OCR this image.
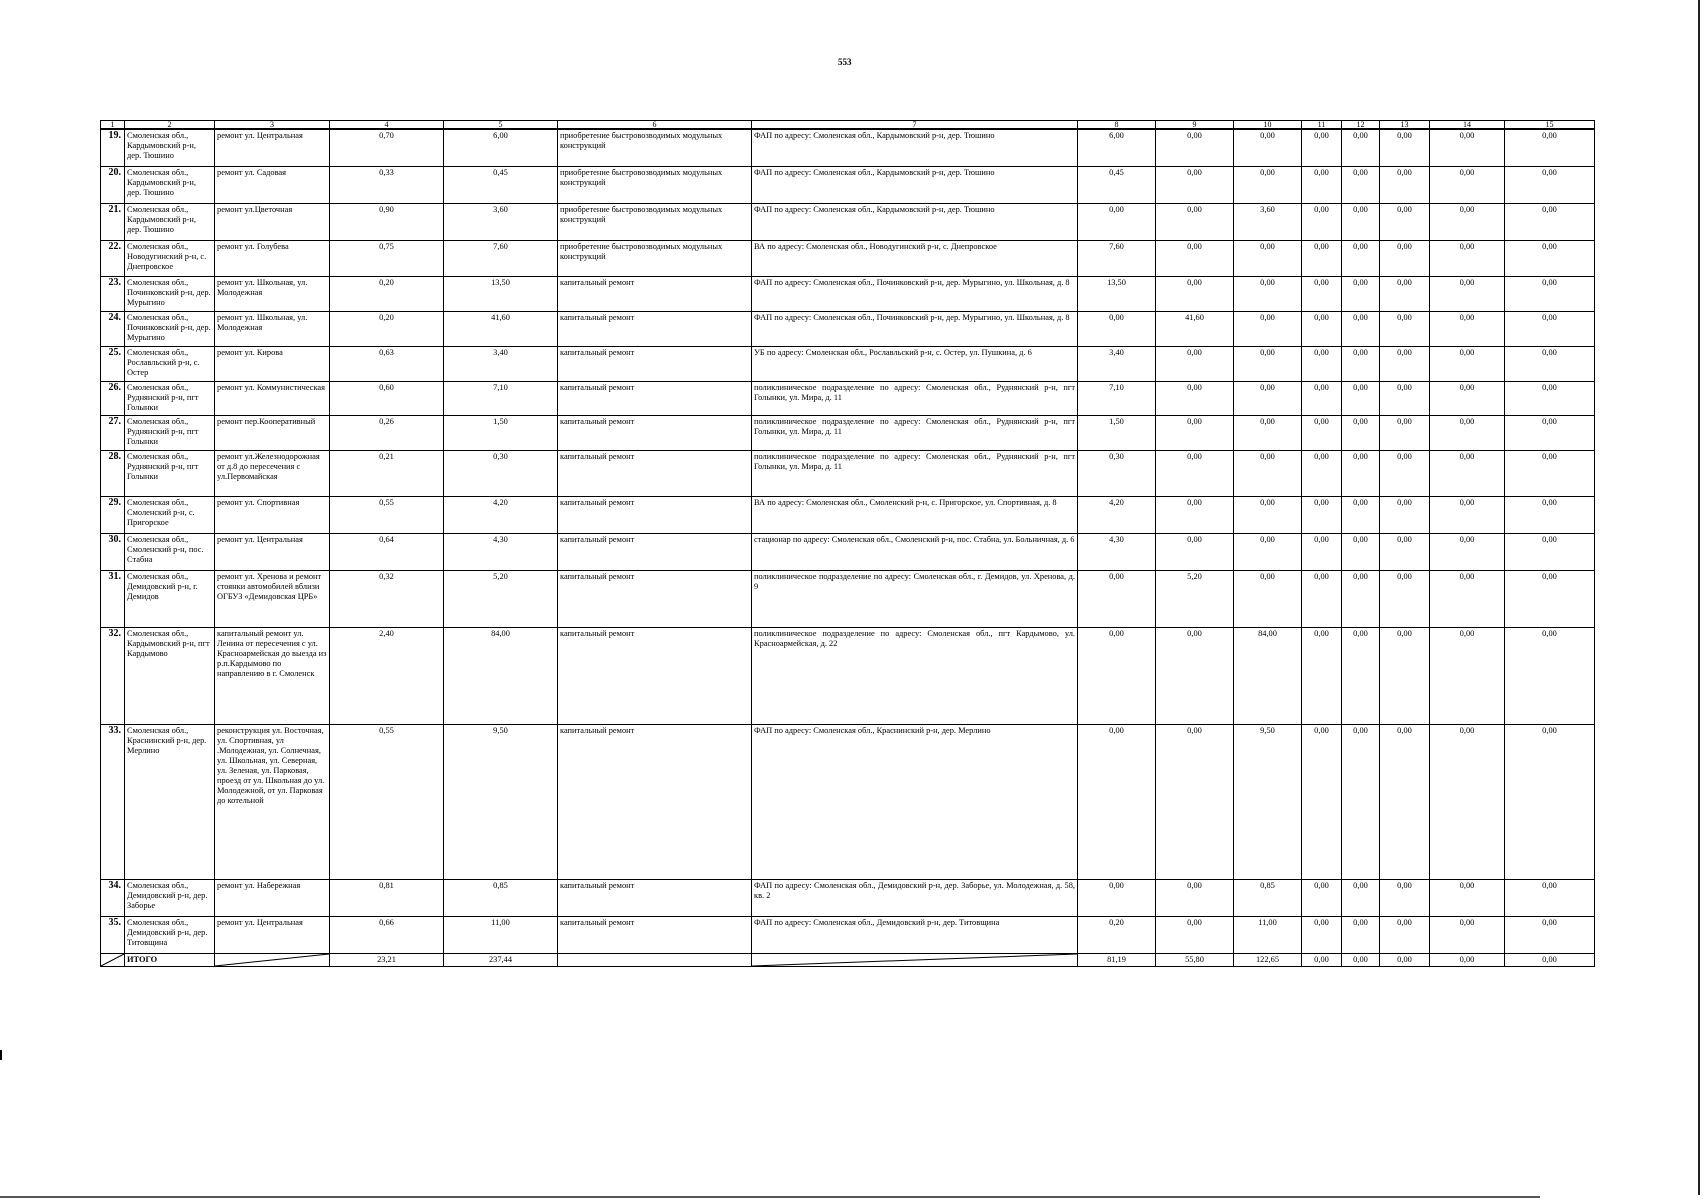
553
1	2	3	4	5	6	7	8	9	10	11	12	13	14	15
19.	Смоленская обл., Кардымовский р-н, дер. Тюшино	ремонт ул. Центральная	0,70	6,00	приобретение быстровозводимых модульных конструкций	ФАП по адресу: Смоленская обл., Кардымовский р-н, дер. Тюшино	6,00	0,00	0,00	0,00	0,00	0,00	0,00	0,00
20.	Смоленская обл., Кардымовский р-н, дер. Тюшино	ремонт ул. Садовая	0,33	0,45	приобретение быстровозводимых модульных конструкций	ФАП по адресу: Смоленская обл., Кардымовский р-н, дер. Тюшино	0,45	0,00	0,00	0,00	0,00	0,00	0,00	0,00
21.	Смоленская обл., Кардымовский р-н, дер. Тюшино	ремонт ул.Цветочная	0,90	3,60	приобретение быстровозводимых модульных конструкций	ФАП по адресу: Смоленская обл., Кардымовский р-н, дер. Тюшино	0,00	0,00	3,60	0,00	0,00	0,00	0,00	0,00
22.	Смоленская обл., Новодугинский р-н, с. Днепровское	ремонт ул. Голубева	0,75	7,60	приобретение быстровозводимых модульных конструкций	ВА по адресу: Смоленская обл., Новодугинский р-н, с. Днепровское	7,60	0,00	0,00	0,00	0,00	0,00	0,00	0,00
23.	Смоленская обл., Починковский р-н, дер. Мурыгино	ремонт ул. Школьная, ул. Молодежная	0,20	13,50	капитальный ремонт	ФАП по адресу: Смоленская обл., Починковский р-н, дер. Мурыгино, ул. Школьная, д. 8	13,50	0,00	0,00	0,00	0,00	0,00	0,00	0,00
24.	Смоленская обл., Починковский р-н, дер. Мурыгино	ремонт ул. Школьная, ул. Молодежная	0,20	41,60	капитальный ремонт	ФАП по адресу: Смоленская обл., Починковский р-н, дер. Мурыгино, ул. Школьная, д. 8	0,00	41,60	0,00	0,00	0,00	0,00	0,00	0,00
25.	Смоленская обл., Рославльский р-н, с. Остер	ремонт ул. Кирова	0,63	3,40	капитальный ремонт	УБ по адресу: Смоленская обл., Рославльский р-н, с. Остер, ул. Пушкина, д. 6	3,40	0,00	0,00	0,00	0,00	0,00	0,00	0,00
26.	Смоленская обл., Руднянский р-н, пгт Голынки	ремонт ул. Коммунистическая	0,60	7,10	капитальный ремонт	поликлиническое подразделение по адресу: Смоленская обл., Руднянский р-н, пгт Голынки, ул. Мира, д. 11	7,10	0,00	0,00	0,00	0,00	0,00	0,00	0,00
27.	Смоленская обл., Руднянский р-н, пгт Голынки	ремонт пер.Кооперативный	0,26	1,50	капитальный ремонт	поликлиническое подразделение по адресу: Смоленская обл., Руднянский р-н, пгт Голынки, ул. Мира, д. 11	1,50	0,00	0,00	0,00	0,00	0,00	0,00	0,00
28.	Смоленская обл., Руднянский р-н, пгт Голынки	ремонт ул.Железнодорожная от д.8 до пересечения с ул.Первомайская	0,21	0,30	капитальный ремонт	поликлиническое подразделение по адресу: Смоленская обл., Руднянский р-н, пгт Голынки, ул. Мира, д. 11	0,30	0,00	0,00	0,00	0,00	0,00	0,00	0,00
29.	Смоленская обл., Смоленский р-н, с. Пригорское	ремонт ул. Спортивная	0,55	4,20	капитальный ремонт	ВА по адресу: Смоленская обл., Смоленский р-н, с. Пригорское, ул. Спортивная, д. 8	4,20	0,00	0,00	0,00	0,00	0,00	0,00	0,00
30.	Смоленская обл., Смоленский р-н, пос. Стабна	ремонт ул. Центральная	0,64	4,30	капитальный ремонт	стационар по адресу: Смоленская обл., Смоленский р-н, пос. Стабна, ул. Больничная, д. 6	4,30	0,00	0,00	0,00	0,00	0,00	0,00	0,00
31.	Смоленская обл., Демидовский р-н, г. Демидов	ремонт ул. Хренова и ремонт стоянки автомобилей вблизи ОГБУЗ «Демидовская ЦРБ»	0,32	5,20	капитальный ремонт	поликлиническое подразделение по адресу: Смоленская обл., г. Демидов, ул. Хренова, д. 9	0,00	5,20	0,00	0,00	0,00	0,00	0,00	0,00
32.	Смоленская обл., Кардымовский р-н, пгт Кардымово	капитальный ремонт ул. Ленина от пересечения с ул. Красноармейская до выезда из р.п.Кардымово по направлению в г. Смоленск	2,40	84,00	капитальный ремонт	поликлиническое подразделение по адресу: Смоленская обл., пгт Кардымово, ул. Красноармейская, д. 22	0,00	0,00	84,00	0,00	0,00	0,00	0,00	0,00
33.	Смоленская обл., Краснинский р-н, дер. Мерлино	реконструкция ул. Восточная, ул. Спортивная, ул .Молодежная, ул. Солнечная, ул. Школьная, ул. Северная, ул. Зеленая, ул. Парковая, проезд от ул. Школьная до ул. Молодежной, от ул. Парковая до котельной	0,55	9,50	капитальный ремонт	ФАП по адресу: Смоленская обл., Краснинский р-н, дер. Мерлино	0,00	0,00	9,50	0,00	0,00	0,00	0,00	0,00
34.	Смоленская обл., Демидовский р-н, дер. Заборье	ремонт ул. Набережная	0,81	0,85	капитальный ремонт	ФАП по адресу: Смоленская обл., Демидовский р-н, дер. Заборье, ул. Молодежная, д. 58, кв. 2	0,00	0,00	0,85	0,00	0,00	0,00	0,00	0,00
35.	Смоленская обл., Демидовский р-н, дер. Титовщина	ремонт ул. Центральная	0,66	11,00	капитальный ремонт	ФАП по адресу: Смоленская обл., Демидовский р-н, дер. Титовщина	0,20	0,00	11,00	0,00	0,00	0,00	0,00	0,00

	ИТОГО		23,21	237,44			81,19	55,80	122,65	0,00	0,00	0,00	0,00	0,00
